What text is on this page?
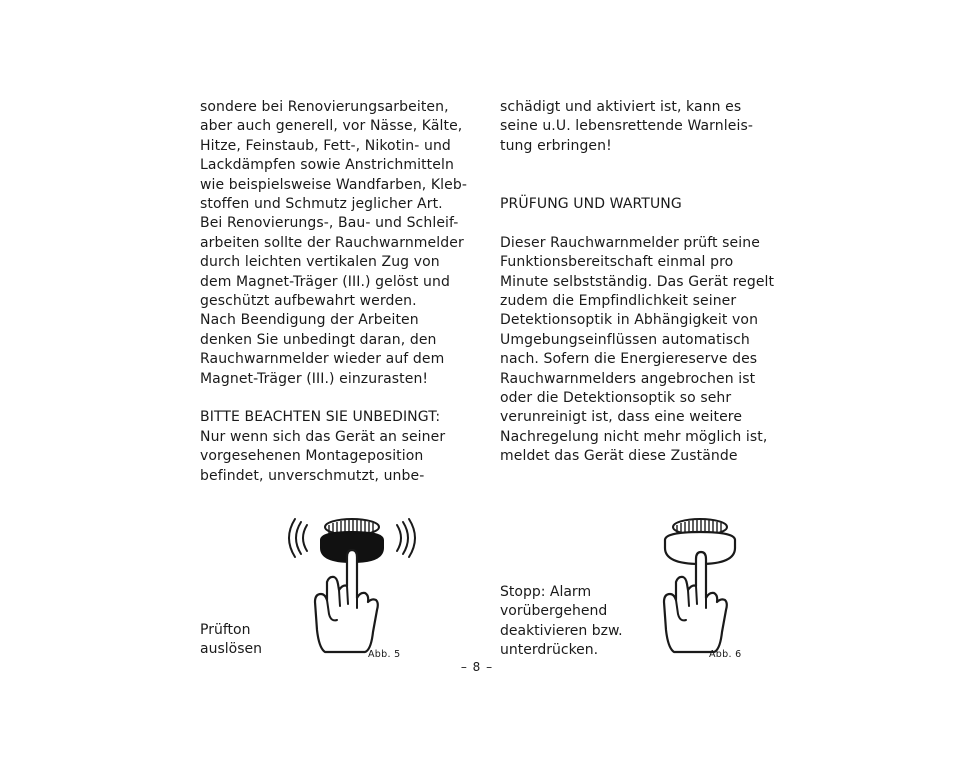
sondere bei Renovierungsarbeiten,
aber auch generell, vor Nässe, Kälte,
Hitze, Feinstaub, Fett-, Nikotin- und
Lackdämpfen sowie Anstrichmitteln
wie beispielsweise Wandfarben, Kleb-
stoffen und Schmutz jeglicher Art.
Bei Renovierungs-, Bau- und Schleif-
arbeiten sollte der Rauchwarnmelder
durch leichten vertikalen Zug von
dem Magnet-Träger (III.) gelöst und
geschützt aufbewahrt werden.
Nach Beendigung der Arbeiten
denken Sie unbedingt daran, den
Rauchwarnmelder wieder auf dem
Magnet-Träger (III.) einzurasten!
BITTE BEACHTEN SIE UNBEDINGT:
Nur wenn sich das Gerät an seiner
vorgesehenen Montageposition
befindet, unverschmutzt, unbe-
schädigt und aktiviert ist, kann es
seine u.U. lebensrettende Warnleis-
tung erbringen!
PRÜFUNG UND WARTUNG
Dieser Rauchwarnmelder prüft seine
Funktionsbereitschaft einmal pro
Minute selbstständig. Das Gerät regelt
zudem die Empfindlichkeit seiner
Detektionsoptik in Abhängigkeit von
Umgebungseinflüssen automatisch
nach. Sofern die Energiereserve des
Rauchwarnmelders angebrochen ist
oder die Detektionsoptik so sehr
verunreinigt ist, dass eine weitere
Nachregelung nicht mehr möglich ist,
meldet das Gerät diese Zustände
Prüfton
auslösen	Abb. 5
Stopp: Alarm
vorübergehend
deaktivieren bzw.
unterdrücken.	Abb. 6
– 8 –
